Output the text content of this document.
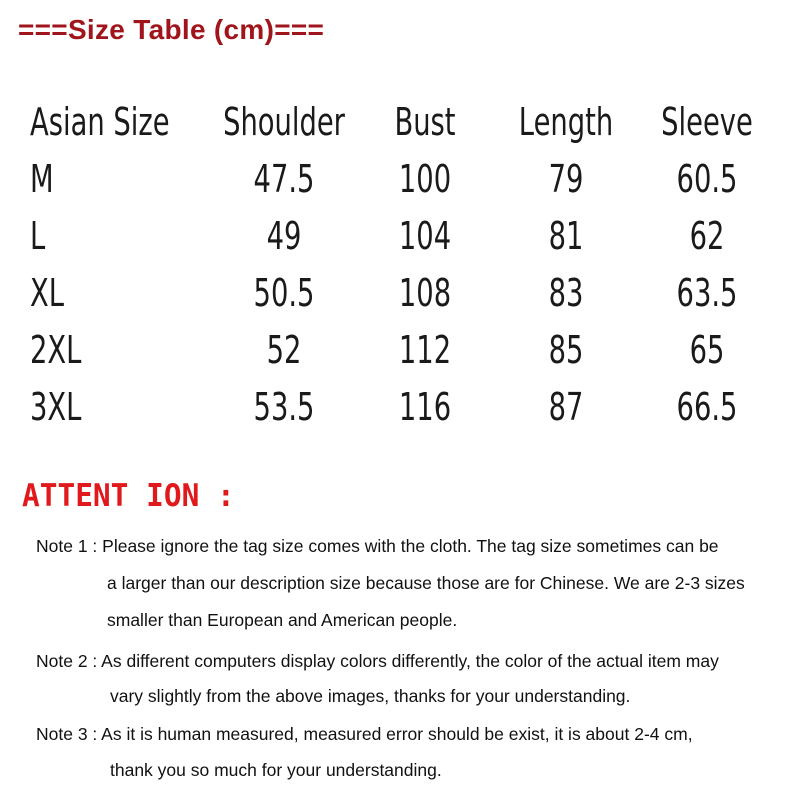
===Size Table (cm)===
Asian Size	Shoulder	Bust	Length	Sleeve
M	47.5	100	79	60.5
L	49	104	81	62
XL	50.5	108	83	63.5
2XL	52	112	85	65
3XL	53.5	116	87	66.5
ATTENT ION :
Note 1 : Please ignore the tag size comes with the cloth. The tag size sometimes can be
a larger than our description size because those are for Chinese. We are 2-3 sizes
smaller than European and American people.
Note 2 : As different computers display colors differently, the color of the actual item may
vary slightly from the above images, thanks for your understanding.
Note 3 : As it is human measured, measured error should be exist, it is about 2-4 cm,
thank you so much for your understanding.
